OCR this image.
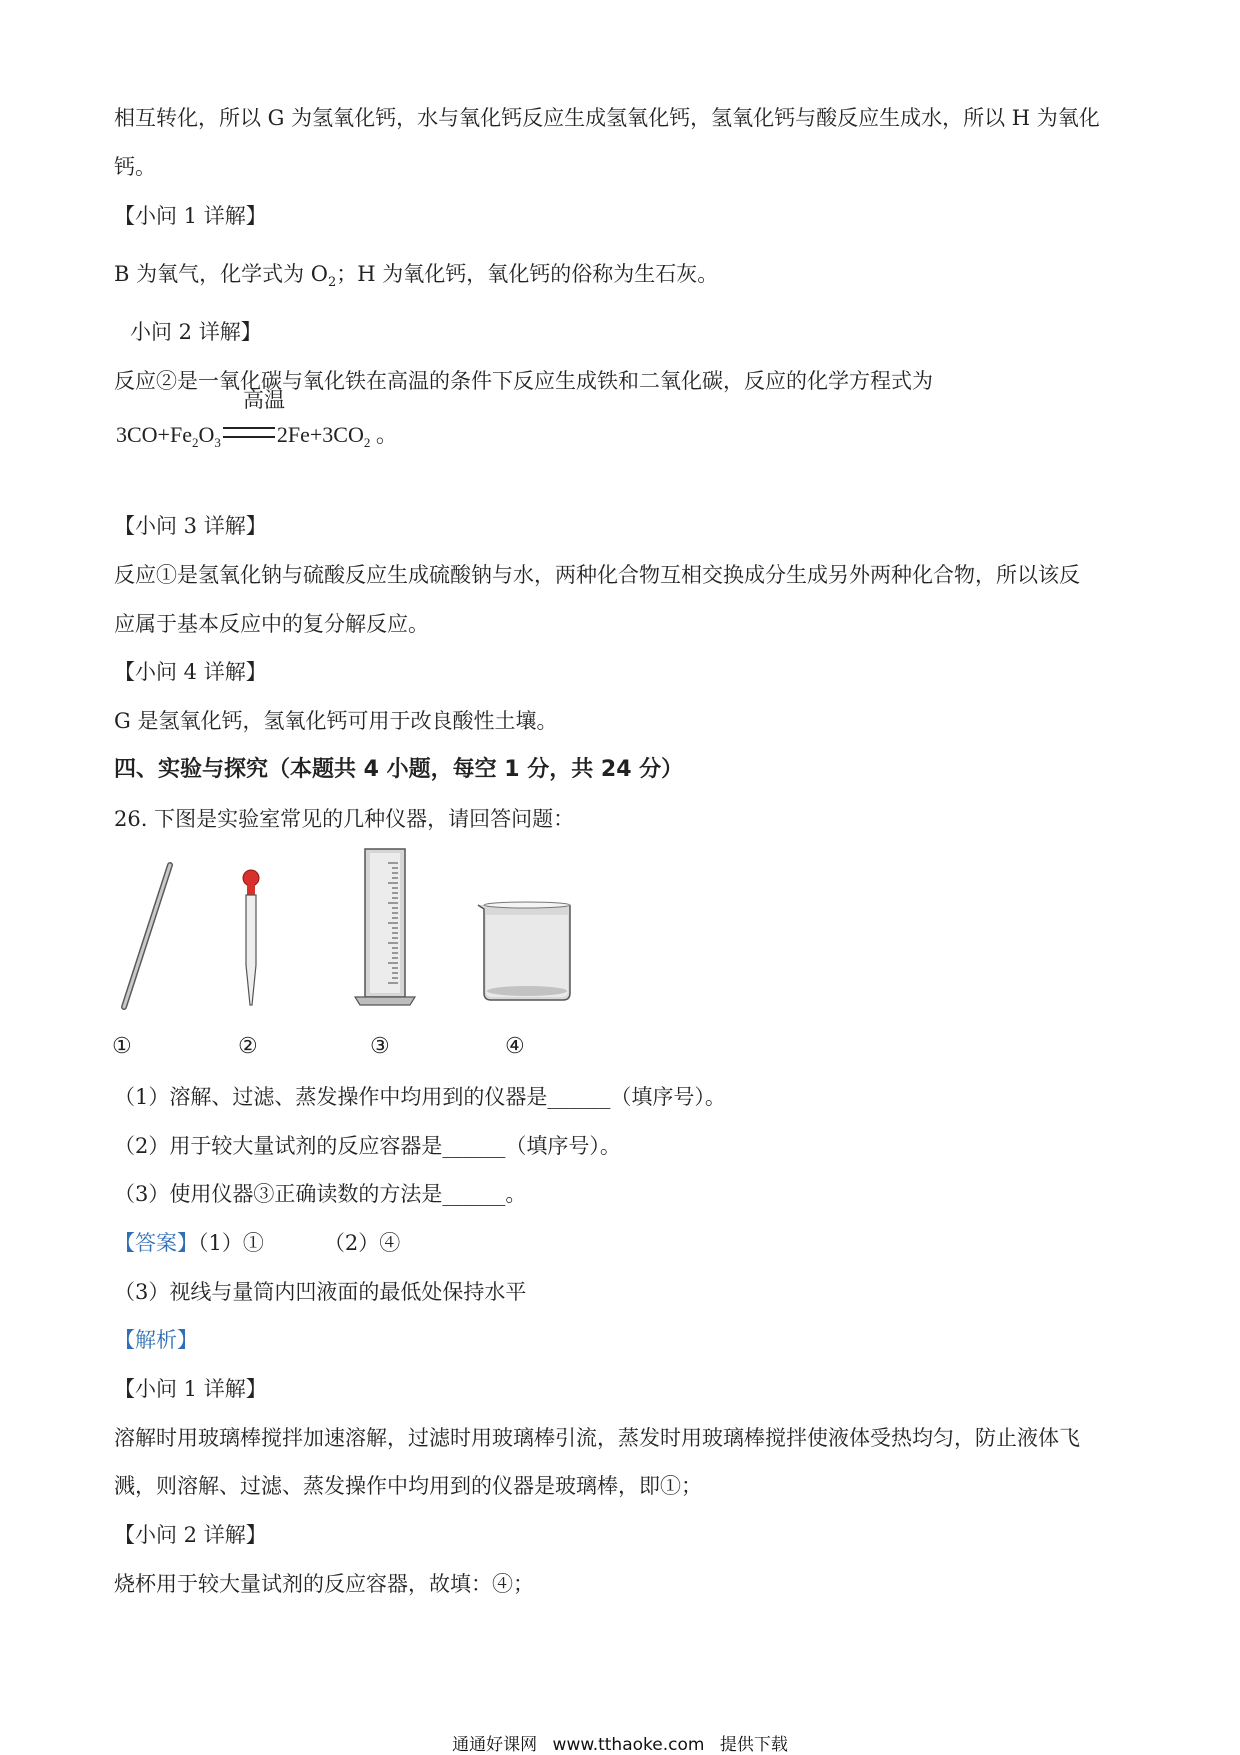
相互转化，所以 G 为氢氧化钙，水与氧化钙反应生成氢氧化钙，氢氧化钙与酸反应生成水，所以 H 为氧化
钙。
【小问 1 详解】
B 为氧气，化学式为 $O_2$；H 为氧化钙，氧化钙的俗称为生石灰。
小问 2 详解】
反应②是一氧化碳与氧化铁在高温的条件下反应生成铁和二氧化碳，反应的化学方程式为
高温
$3CO+Fe_2O_3$	$2Fe+3CO_2$ 。
【小问 3 详解】
反应①是氢氧化钠与硫酸反应生成硫酸钠与水，两种化合物互相交换成分生成另外两种化合物，所以该反
应属于基本反应中的复分解反应。
【小问 4 详解】
G 是氢氧化钙，氢氧化钙可用于改良酸性土壤。
四、实验与探究（本题共 4 小题，每空 1 分，共 24 分）
26. 下图是实验室常见的几种仪器，请回答问题：
①	②	③	④
（1）溶解、过滤、蒸发操作中均用到的仪器是______（填序号）。
（2）用于较大量试剂的反应容器是______（填序号）。
（3）使用仪器③正确读数的方法是______。
【答案】（1）①	（2）④
（3）视线与量筒内凹液面的最低处保持水平
【解析】
【小问 1 详解】
溶解时用玻璃棒搅拌加速溶解，过滤时用玻璃棒引流，蒸发时用玻璃棒搅拌使液体受热均匀，防止液体飞
溅，则溶解、过滤、蒸发操作中均用到的仪器是玻璃棒，即①；
【小问 2 详解】
烧杯用于较大量试剂的反应容器，故填：④；
通通好课网 www.tthaoke.com 提供下载
